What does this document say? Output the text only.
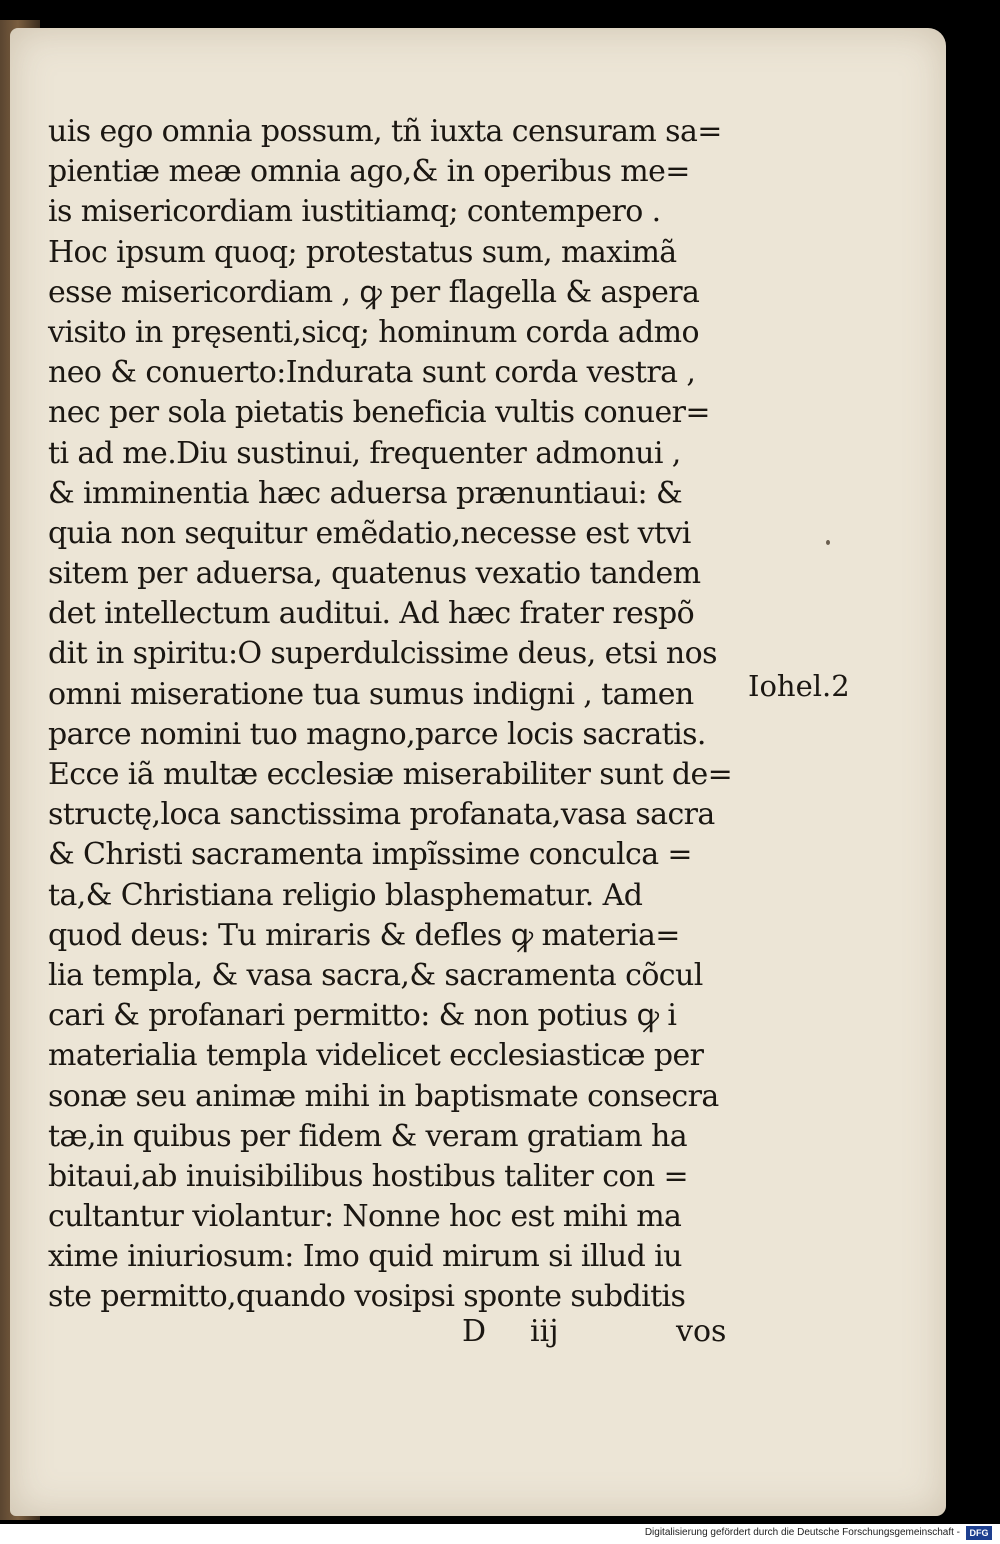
uis ego omnia possum, tñ iuxta censuram sa=
pientiæ meæ omnia ago,& in operibus me=
is misericordiam iustitiamq; contempero .
Hoc ipsum quoq; protestatus sum, maximã
esse misericordiam , ꝙ per flagella & aspera
visito in pręsenti,sicq; hominum corda admo
neo & conuerto:Indurata sunt corda vestra ,
nec per sola pietatis beneficia vultis conuer=
ti ad me.Diu sustinui, frequenter admonui ,
& imminentia hæc aduersa prænuntiaui: &
quia non sequitur emẽdatio,necesse est vtvi
sitem per aduersa, quatenus vexatio tandem
det intellectum auditui. Ad hæc frater respõ
dit in spiritu:O superdulcissime deus, etsi nos
omni miseratione tua sumus indigni , tamen
parce nomini tuo magno,parce locis sacratis.
Ecce iã multæ ecclesiæ miserabiliter sunt de=
structę,loca sanctissima profanata,vasa sacra
& Christi sacramenta impĩssime conculca =
ta,& Christiana religio blasphematur. Ad
quod deus: Tu miraris & defles ꝙ materia=
lia templa, & vasa sacra,& sacramenta cõcul
cari & profanari permitto: & non potius ꝙ i
materialia templa videlicet ecclesiasticæ per
sonæ seu animæ mihi in baptismate consecra
tæ,in quibus per fidem & veram gratiam ha
bitaui,ab inuisibilibus hostibus taliter con =
cultantur violantur: Nonne hoc est mihi ma
xime iniuriosum: Imo quid mirum si illud iu
ste permitto,quando vosipsi sponte subditis
Iohel.2
D iij	vos
Digitalisierung gefördert durch die Deutsche Forschungsgemeinschaft -	DFG
